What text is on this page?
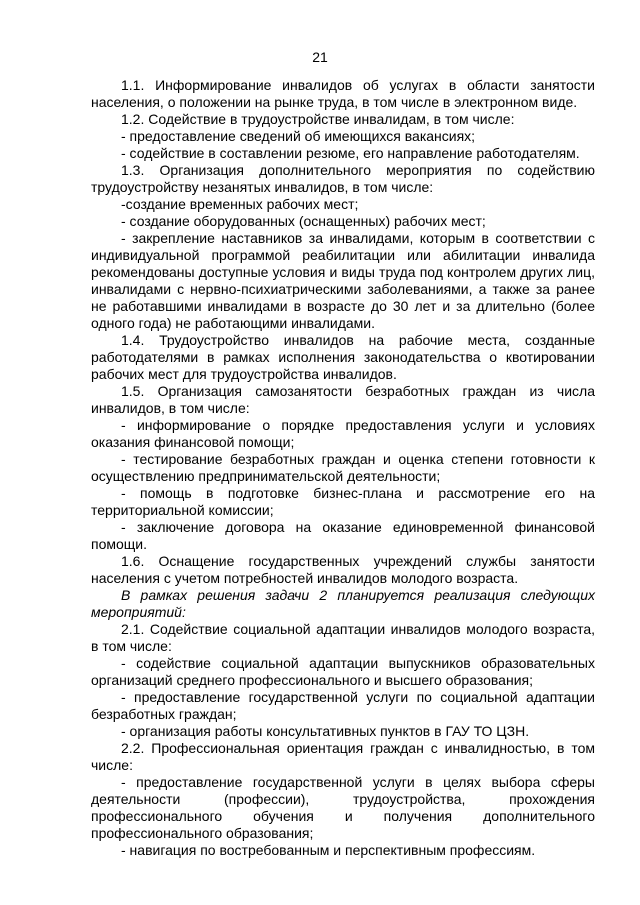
21

1.1. Информирование инвалидов об услугах в области занятости населения, о положении на рынке труда, в том числе в электронном виде.

1.2. Содействие в трудоустройстве инвалидам, в том числе:

- предоставление сведений об имеющихся вакансиях;

- содействие в составлении резюме, его направление работодателям.

1.3. Организация дополнительного мероприятия по содействию трудоустройству незанятых инвалидов, в том числе:

-создание временных рабочих мест;

- создание оборудованных (оснащенных) рабочих мест;

- закрепление наставников за инвалидами, которым в соответствии с индивидуальной программой реабилитации или абилитации инвалида рекомендованы доступные условия и виды труда под контролем других лиц, инвалидами с нервно-психиатрическими заболеваниями, а также за ранее не работавшими инвалидами в возрасте до 30 лет и за длительно (более одного года) не работающими инвалидами.

1.4. Трудоустройство инвалидов на рабочие места, созданные работодателями в рамках исполнения законодательства о квотировании рабочих мест для трудоустройства инвалидов.

1.5. Организация самозанятости безработных граждан из числа инвалидов, в том числе:

- информирование о порядке предоставления услуги и условиях оказания финансовой помощи;

- тестирование безработных граждан и оценка степени готовности к осуществлению предпринимательской деятельности;

- помощь в подготовке бизнес-плана и рассмотрение его на территориальной комиссии;

- заключение договора на оказание единовременной финансовой помощи.

1.6. Оснащение государственных учреждений службы занятости населения с учетом потребностей инвалидов молодого возраста.

В рамках решения задачи 2 планируется реализация следующих мероприятий:

2.1. Содействие социальной адаптации инвалидов молодого возраста, в том числе:

- содействие социальной адаптации выпускников образовательных организаций среднего профессионального и высшего образования;

- предоставление государственной услуги по социальной адаптации безработных граждан;

- организация работы консультативных пунктов в ГАУ ТО ЦЗН.

2.2. Профессиональная ориентация граждан с инвалидностью, в том числе:

- предоставление государственной услуги в целях выбора сферы деятельности (профессии), трудоустройства, прохождения профессионального обучения и получения дополнительного профессионального образования;

- навигация по востребованным и перспективным профессиям.
